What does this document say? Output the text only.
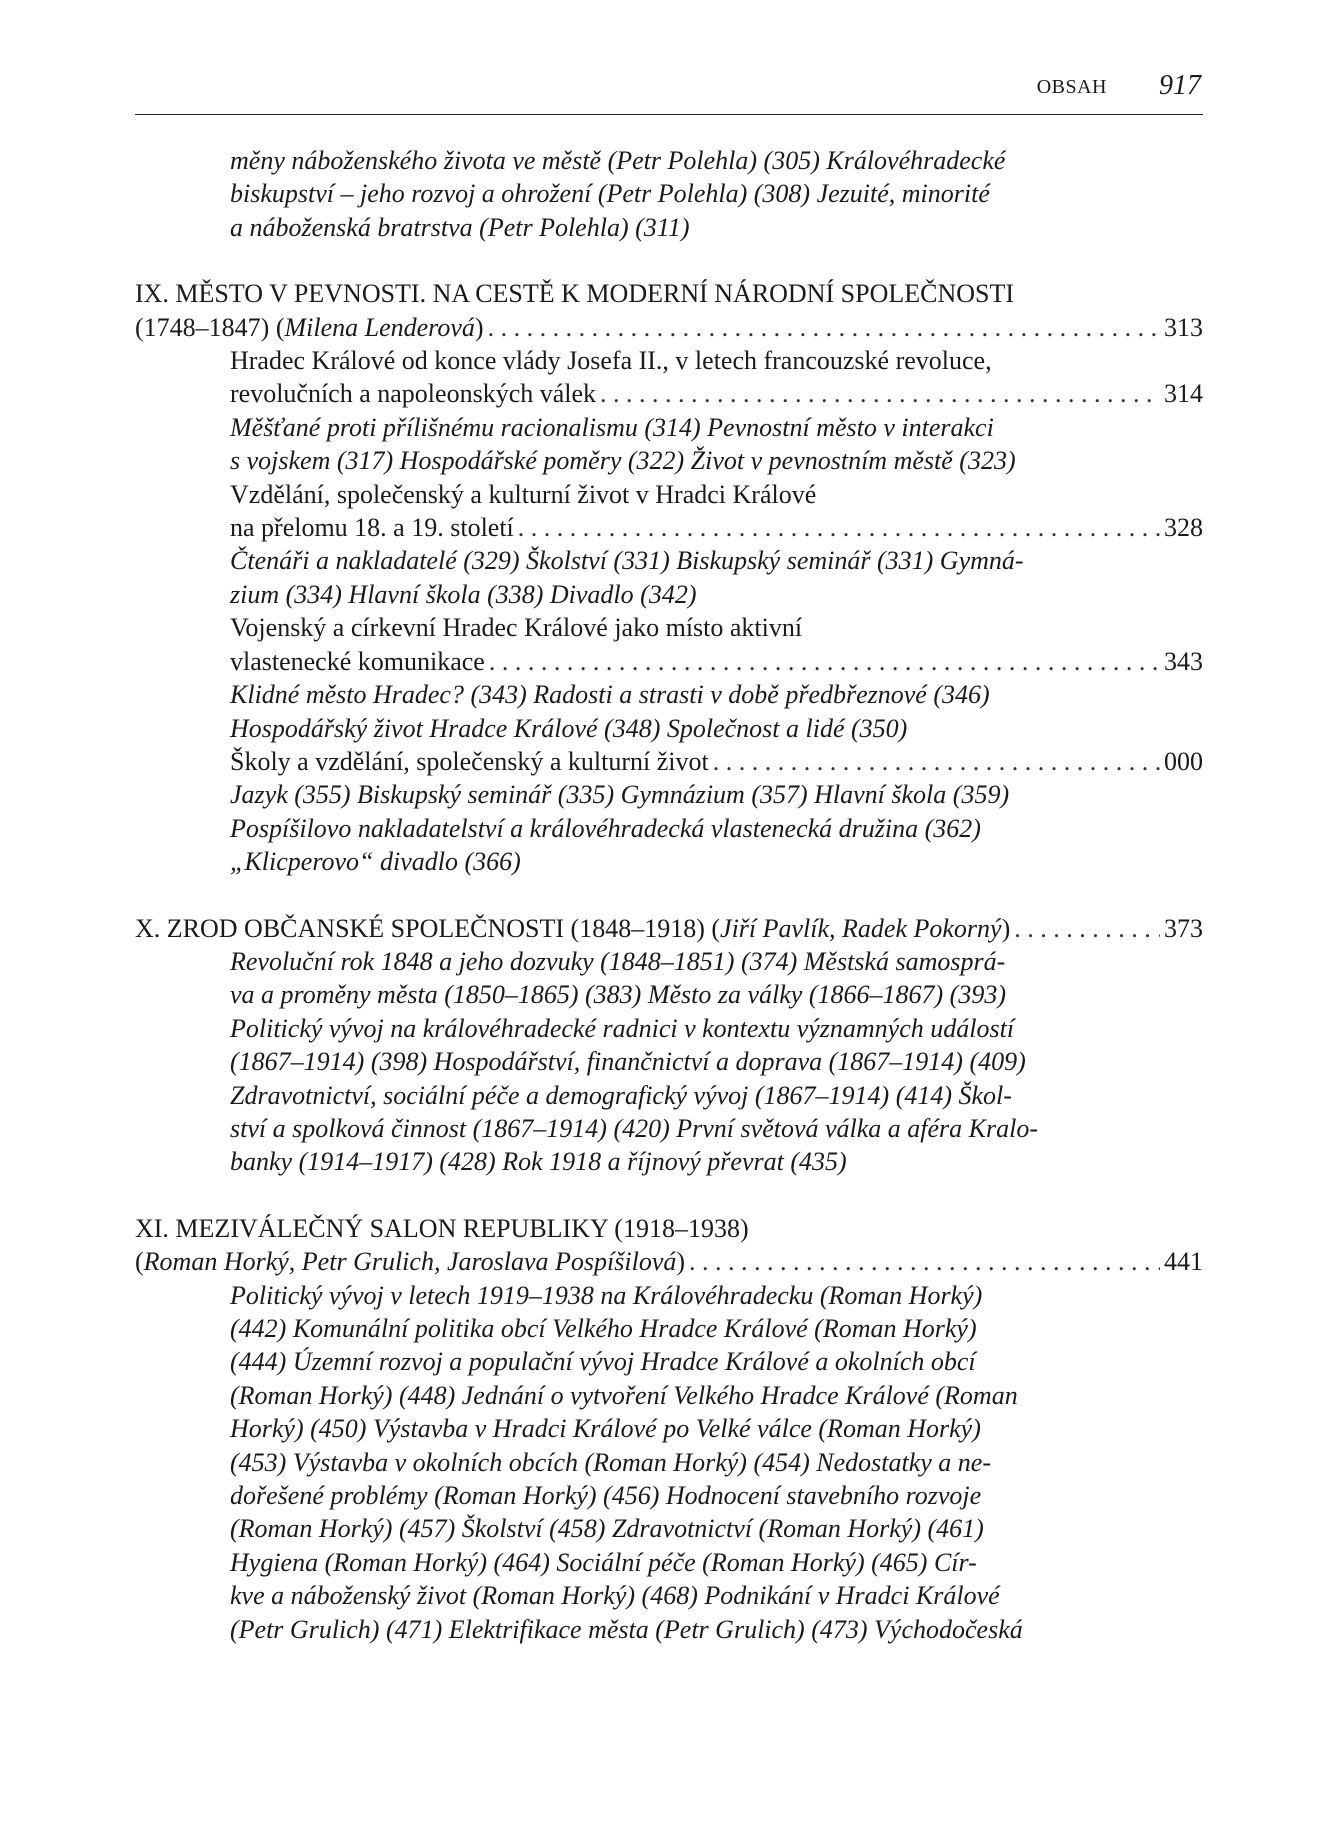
OBSAH 917
měny náboženského života ve městě (Petr Polehla) (305) Královéhradecké
biskupství – jeho rozvoj a ohrožení (Petr Polehla) (308) Jezuité, minorité
a náboženská bratrstva (Petr Polehla) (311)
IX. MĚSTO V PEVNOSTI. NA CESTĚ K MODERNÍ NÁRODNÍ SPOLEČNOSTI
(1748–1847) (Milena Lenderová) . . .	313
Hradec Králové od konce vlády Josefa II., v letech francouzské revoluce,
revolučních a napoleonských válek . . .	314
Měšťané proti přílišnému racionalismu (314) Pevnostní město v interakci
s vojskem (317) Hospodářské poměry (322) Život v pevnostním městě (323)
Vzdělání, společenský a kulturní život v Hradci Králové
na přelomu 18. a 19. století . . .	328
Čtenáři a nakladatelé (329) Školství (331) Biskupský seminář (331) Gymná-
zium (334) Hlavní škola (338) Divadlo (342)
Vojenský a církevní Hradec Králové jako místo aktivní
vlastenecké komunikace . . .	343
Klidné město Hradec? (343) Radosti a strasti v době předbřeznové (346)
Hospodářský život Hradce Králové (348) Společnost a lidé (350)
Školy a vzdělání, společenský a kulturní život . . .	000
Jazyk (355) Biskupský seminář (335) Gymnázium (357) Hlavní škola (359)
Pospíšilovo nakladatelství a královéhradecká vlastenecká družina (362)
„Klicperovo“ divadlo (366)
X. ZROD OBČANSKÉ SPOLEČNOSTI (1848–1918) (Jiří Pavlík, Radek Pokorný) . . .	373
Revoluční rok 1848 a jeho dozvuky (1848–1851) (374) Městská samosprá-
va a proměny města (1850–1865) (383) Město za války (1866–1867) (393)
Politický vývoj na královéhradecké radnici v kontextu významných událostí
(1867–1914) (398) Hospodářství, finančnictví a doprava (1867–1914) (409)
Zdravotnictví, sociální péče a demografický vývoj (1867–1914) (414) Škol-
ství a spolková činnost (1867–1914) (420) První světová válka a aféra Kralo-
banky (1914–1917) (428) Rok 1918 a říjnový převrat (435)
XI. MEZIVÁLEČNÝ SALON REPUBLIKY (1918–1938)
(Roman Horký, Petr Grulich, Jaroslava Pospíšilová) . . .	441
Politický vývoj v letech 1919–1938 na Královéhradecku (Roman Horký)
(442) Komunální politika obcí Velkého Hradce Králové (Roman Horký)
(444) Územní rozvoj a populační vývoj Hradce Králové a okolních obcí
(Roman Horký) (448) Jednání o vytvoření Velkého Hradce Králové (Roman
Horký) (450) Výstavba v Hradci Králové po Velké válce (Roman Horký)
(453) Výstavba v okolních obcích (Roman Horký) (454) Nedostatky a ne-
dořešené problémy (Roman Horký) (456) Hodnocení stavebního rozvoje
(Roman Horký) (457) Školství (458) Zdravotnictví (Roman Horký) (461)
Hygiena (Roman Horký) (464) Sociální péče (Roman Horký) (465) Cír-
kve a náboženský život (Roman Horký) (468) Podnikání v Hradci Králové
(Petr Grulich) (471) Elektrifikace města (Petr Grulich) (473) Východočeská
